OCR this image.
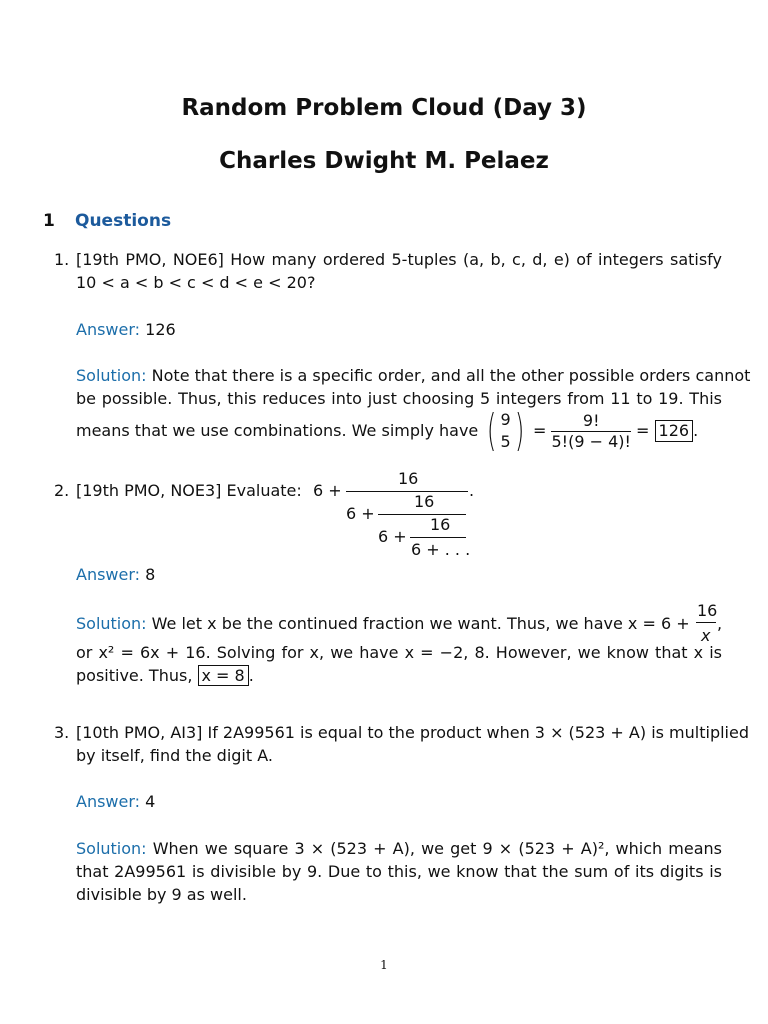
Random Problem Cloud (Day 3)
Charles Dwight M. Pelaez
1 Questions
1. [19th PMO, NOE6] How many ordered 5-tuples (a, b, c, d, e) of integers satisfy
10 < a < b < c < d < e < 20?
Answer: 126
Solution: Note that there is a specific order, and all the other possible orders cannot
be possible. Thus, this reduces into just choosing 5 integers from 11 to 19. This
means that we use combinations. We simply have
( 9
5 )
=
$\frac{9!}{5!(9 - 4)!}$
=
126 .
2. [19th PMO, NOE3] Evaluate: 6 +
16
.
6 +
16
6 +
16
6 + . . .
Answer: 8
Solution: We let x be the continued fraction we want. Thus, we have x = 6 +
16
x
,
or x² = 6x + 16. Solving for x, we have x = −2, 8. However, we know that x is
positive. Thus, x = 8 .
3. [10th PMO, AI3] If 2A99561 is equal to the product when 3 × (523 + A) is multiplied
by itself, find the digit A.
Answer: 4
Solution: When we square 3 × (523 + A), we get 9 × (523 + A)², which means
that 2A99561 is divisible by 9. Due to this, we know that the sum of its digits is
divisible by 9 as well.
1
